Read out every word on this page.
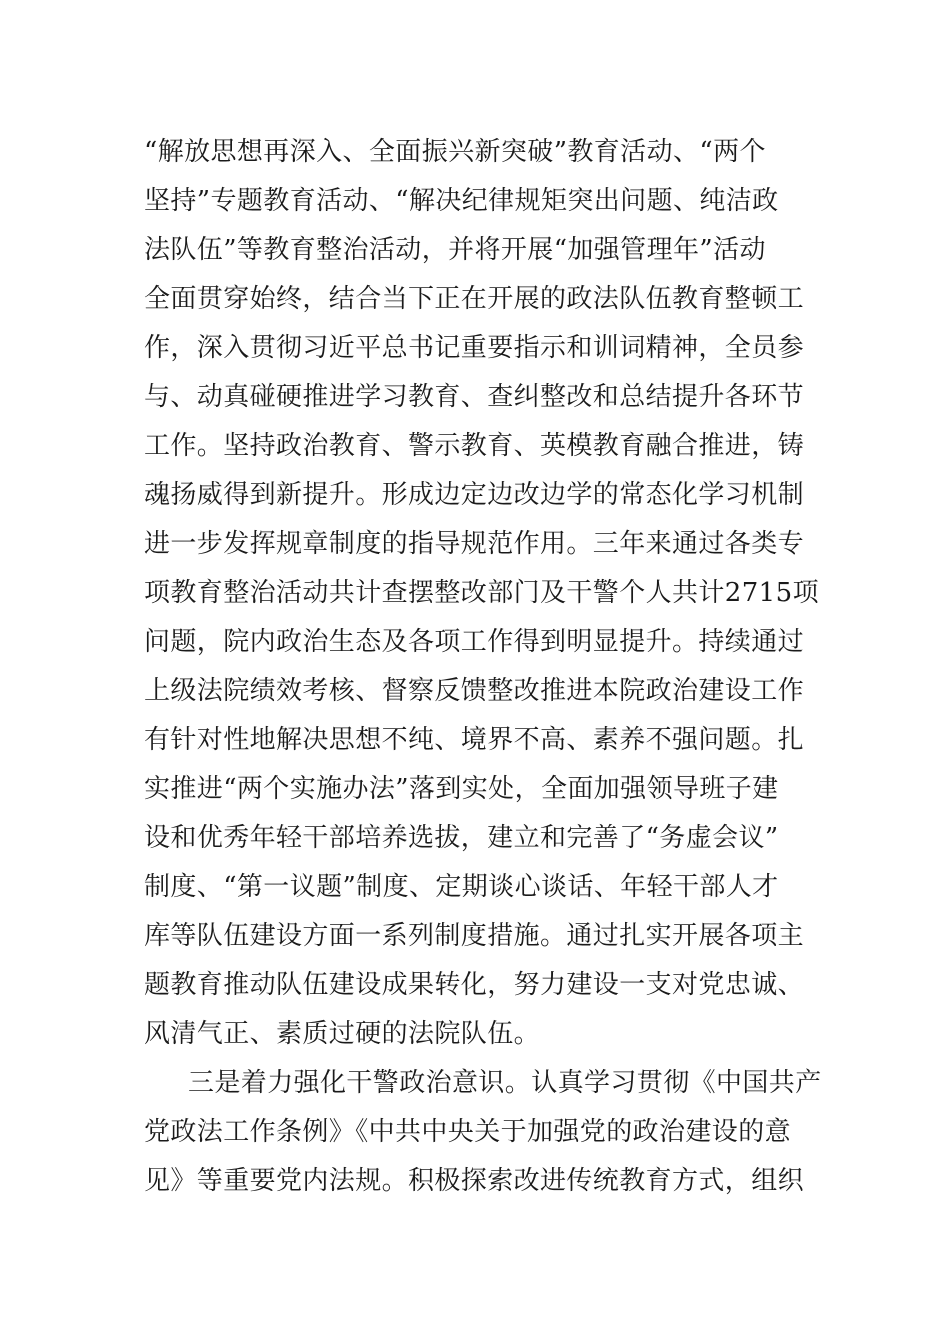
“解放思想再深入、全面振兴新突破”教育活动、“两个
坚持”专题教育活动、“解决纪律规矩突出问题、纯洁政
法队伍”等教育整治活动，并将开展“加强管理年”活动
全面贯穿始终，结合当下正在开展的政法队伍教育整顿工
作，深入贯彻习近平总书记重要指示和训词精神，全员参
与、动真碰硬推进学习教育、查纠整改和总结提升各环节
工作。坚持政治教育、警示教育、英模教育融合推进，铸
魂扬威得到新提升。形成边定边改边学的常态化学习机制
进一步发挥规章制度的指导规范作用。三年来通过各类专
项教育整治活动共计查摆整改部门及干警个人共计2715项
问题，院内政治生态及各项工作得到明显提升。持续通过
上级法院绩效考核、督察反馈整改推进本院政治建设工作
有针对性地解决思想不纯、境界不高、素养不强问题。扎
实推进“两个实施办法”落到实处，全面加强领导班子建
设和优秀年轻干部培养选拔，建立和完善了“务虚会议”
制度、“第一议题”制度、定期谈心谈话、年轻干部人才
库等队伍建设方面一系列制度措施。通过扎实开展各项主
题教育推动队伍建设成果转化，努力建设一支对党忠诚、
风清气正、素质过硬的法院队伍。
三是着力强化干警政治意识。认真学习贯彻《中国共产
党政法工作条例》《中共中央关于加强党的政治建设的意
见》等重要党内法规。积极探索改进传统教育方式，组织
